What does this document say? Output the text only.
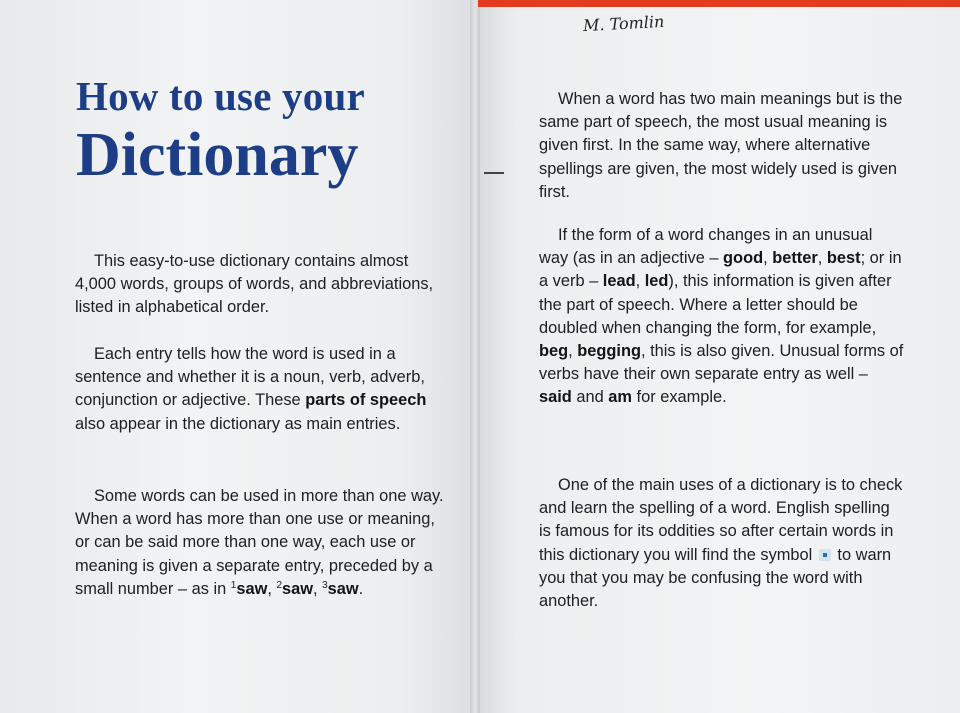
How to use your
Dictionary

This easy-to-use dictionary contains almost 4,000 words, groups of words, and abbreviations, listed in alphabetical order.

Each entry tells how the word is used in a sentence and whether it is a noun, verb, adverb, conjunction or adjective. These parts of speech also appear in the dictionary as main entries.

Some words can be used in more than one way. When a word has more than one use or meaning, or can be said more than one way, each use or meaning is given a separate entry, preceded by a small number – as in $^1$saw, $^2$saw, $^3$saw.

M. Tomlin

When a word has two main meanings but is the same part of speech, the most usual meaning is given first. In the same way, where alternative spellings are given, the most widely used is given first.

If the form of a word changes in an unusual way (as in an adjective – good, better, best; or in a verb – lead, led), this information is given after the part of speech. Where a letter should be doubled when changing the form, for example, beg, begging, this is also given. Unusual forms of verbs have their own separate entry as well – said and am for example.

One of the main uses of a dictionary is to check and learn the spelling of a word. English spelling is famous for its oddities so after certain words in this dictionary you will find the symbol  to warn you that you may be confusing the word with another.
